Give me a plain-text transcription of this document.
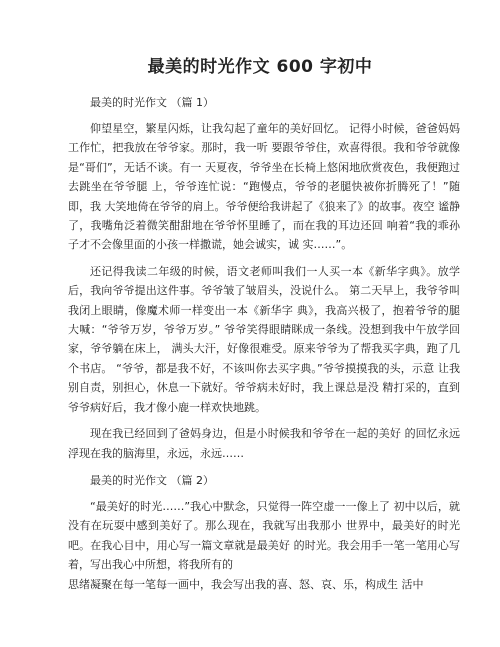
最美的时光作文 600 字初中
最美的时光作文 （篇 1）

仰望星空，繁星闪烁，让我勾起了童年的美好回忆。 记得小时候，爸爸妈妈工作忙，把我放在爷爷家。那时，我一听 要跟爷爷住，欢喜得很。我和爷爷就像是“哥们”，无话不谈。有一 天夏夜，爷爷坐在长椅上悠闲地欣赏夜色，我便跑过去跳坐在爷爷腿 上，爷爷连忙说：“跑慢点，爷爷的老腿快被你折腾死了！”随即，我 大笑地倚在爷爷的肩上。爷爷便给我讲起了《狼来了》的故事。夜空 谧静了，我嘴角泛着微笑酣甜地在爷爷怀里睡了，而在我的耳边还回 响着“我的乖孙子才不会像里面的小孩一样撒谎，她会诚实，诚 实……”。

还记得我读二年级的时候，语文老师叫我们一人买一本《新华字典》。放学后，我向爷爷提出这件事。爷爷皱了皱眉头，没说什么。 第二天早上，我爷爷叫我闭上眼睛，像魔术师一样变出一本《新华字 典》，我高兴极了，抱着爷爷的腿大喊：“爷爷万岁，爷爷万岁。” 爷爷笑得眼睛眯成一条线。没想到我中午放学回家，爷爷躺在床上， 满头大汗，好像很难受。原来爷爷为了帮我买字典，跑了几个书店。 “爷爷，都是我不好，不该叫你去买字典。”爷爷摸摸我的头，示意 让我别自责，别担心，休息一下就好。爷爷病未好时，我上课总是没 精打采的，直到爷爷病好后，我才像小鹿一样欢快地跳。

现在我已经回到了爸妈身边，但是小时候我和爷爷在一起的美好 的回忆永远浮现在我的脑海里，永远，永远……

最美的时光作文 （篇 2）

“最美好的时光……”我心中默念，只觉得一阵空虚一一像上了 初中以后，就没有在玩耍中感到美好了。那么现在，我就写出我那小 世界中，最美好的时光吧。在我心目中，用心写一篇文章就是最美好 的时光。我会用手一笔一笔用心写着，写出我心中所想，将我所有的

思绪凝聚在每一笔每一画中，我会写出我的喜、怒、哀、乐，构成生 活中
